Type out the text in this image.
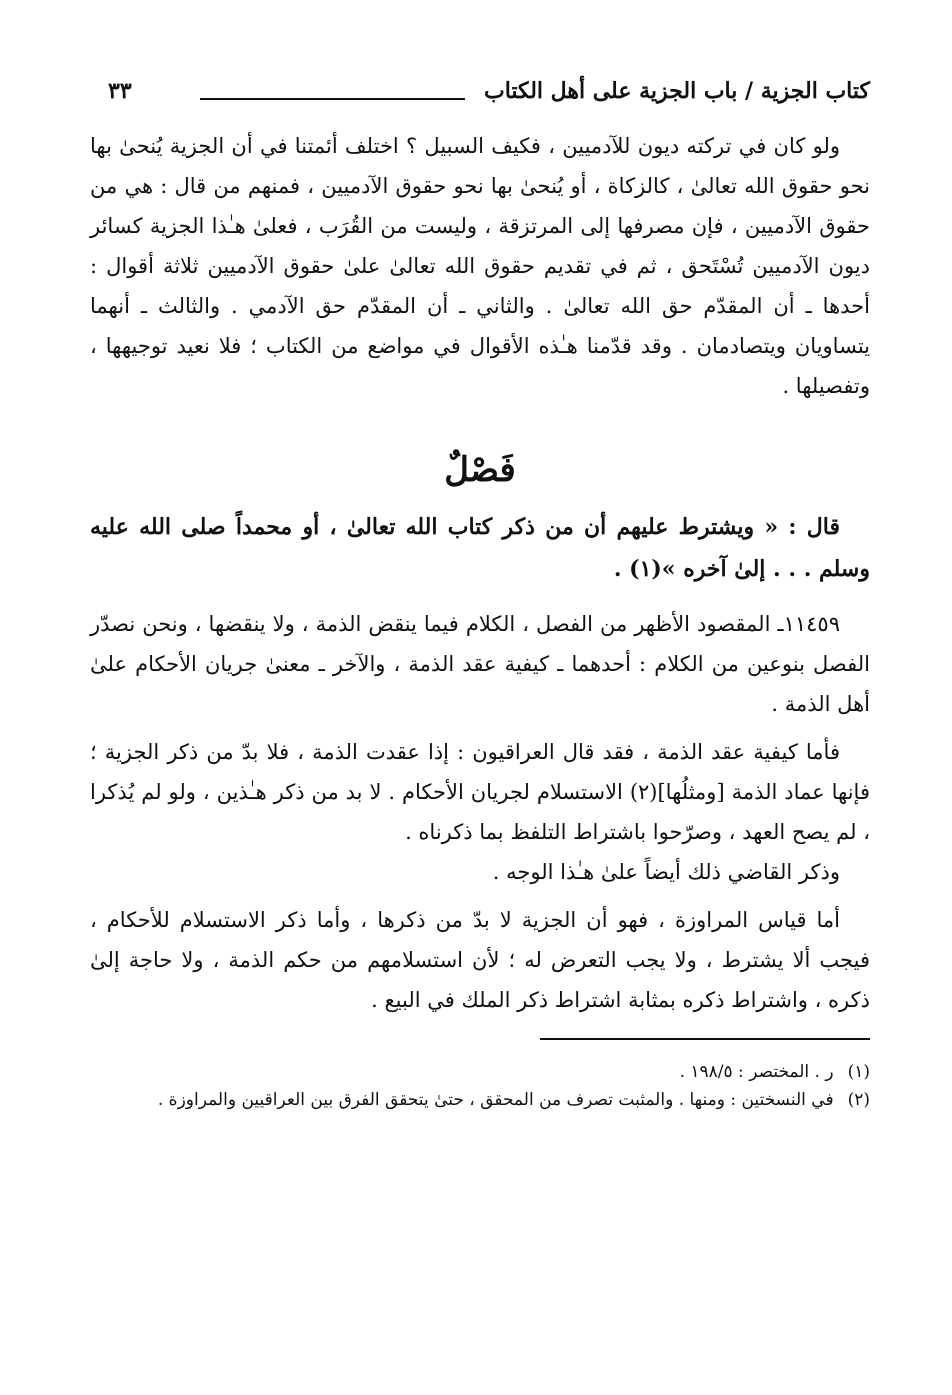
كتاب الجزية / باب الجزية على أهل الكتاب
٣٣

ولو كان في تركته ديون للآدميين ، فكيف السبيل ؟ اختلف أئمتنا في أن الجزية يُنحىٰ بها نحو حقوق الله تعالىٰ ، كالزكاة ، أو يُنحىٰ بها نحو حقوق الآدميين ، فمنهم من قال : هي من حقوق الآدميين ، فإن مصرفها إلى المرتزقة ، وليست من القُرَب ، فعلىٰ هـٰذا الجزية كسائر ديون الآدميين تُسْتَحق ، ثم في تقديم حقوق الله تعالىٰ علىٰ حقوق الآدميين ثلاثة أقوال : أحدها ـ أن المقدّم حق الله تعالىٰ . والثاني ـ أن المقدّم حق الآدمي . والثالث ـ أنهما يتساويان ويتصادمان . وقد قدّمنا هـٰذه الأقوال في مواضع من الكتاب ؛ فلا نعيد توجيهها ، وتفصيلها .

فَصْلٌ

قال : « ويشترط عليهم أن من ذكر كتاب الله تعالىٰ ، أو محمداً صلى الله عليه وسلم . . . إلىٰ آخره »(١) .

١١٤٥٩ـ المقصود الأظهر من الفصل ، الكلام فيما ينقض الذمة ، ولا ينقضها ، ونحن نصدّر الفصل بنوعين من الكلام : أحدهما ـ كيفية عقد الذمة ، والآخر ـ معنىٰ جريان الأحكام علىٰ أهل الذمة .

فأما كيفية عقد الذمة ، فقد قال العراقيون : إذا عقدت الذمة ، فلا بدّ من ذكر الجزية ؛ فإنها عماد الذمة [ومثلُها](٢) الاستسلام لجريان الأحكام . لا بد من ذكر هـٰذين ، ولو لم يُذكرا ، لم يصح العهد ، وصرّحوا باشتراط التلفظ بما ذكرناه .

وذكر القاضي ذلك أيضاً علىٰ هـٰذا الوجه .

أما قياس المراوزة ، فهو أن الجزية لا بدّ من ذكرها ، وأما ذكر الاستسلام للأحكام ، فيجب ألا يشترط ، ولا يجب التعرض له ؛ لأن استسلامهم من حكم الذمة ، ولا حاجة إلىٰ ذكره ، واشتراط ذكره بمثابة اشتراط ذكر الملك في البيع .

(١)ر . المختصر : ١٩٨/٥ .

(٢)في النسختين : ومنها . والمثبت تصرف من المحقق ، حتىٰ يتحقق الفرق بين العراقيين والمراوزة .
